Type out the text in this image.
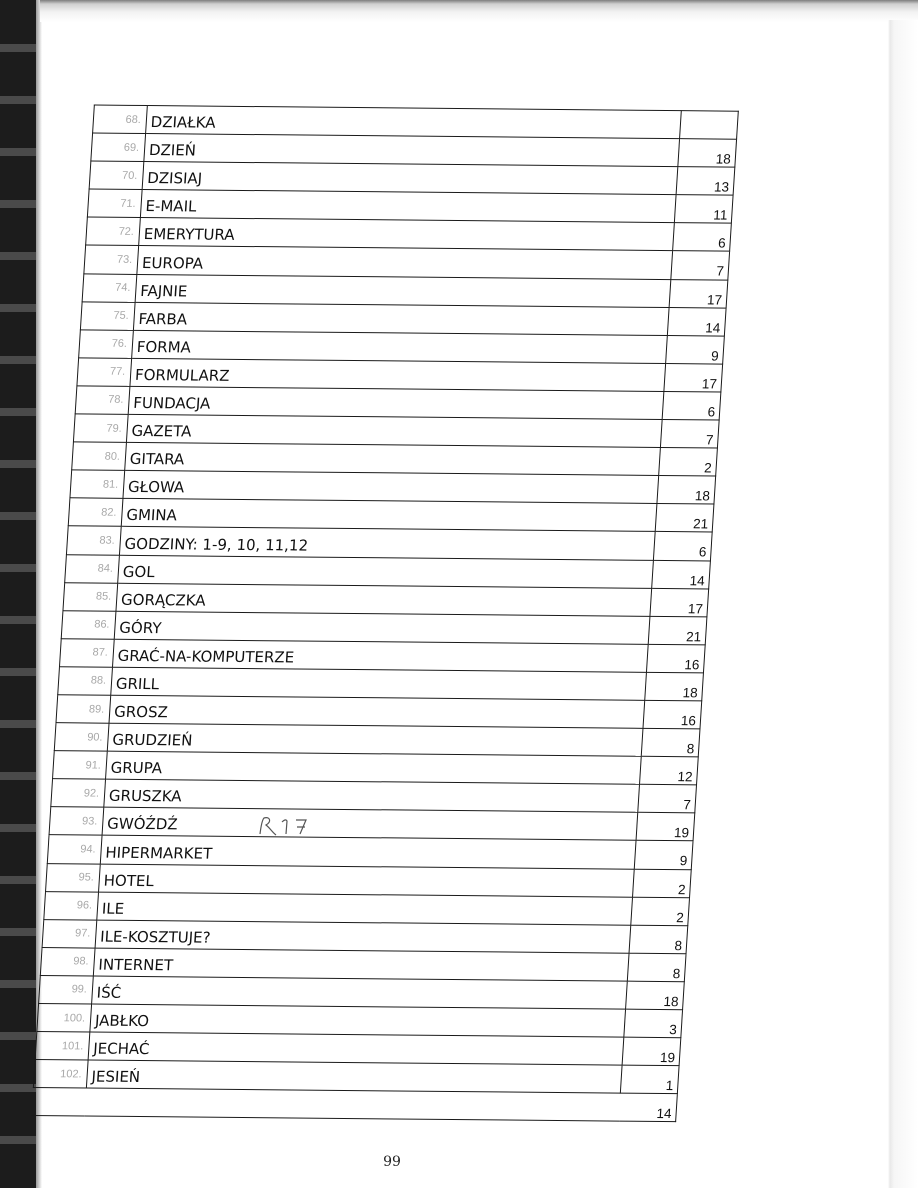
68.	DZIAŁKA	
69.	DZIEŃ	18
70.	DZISIAJ	13
71.	E-MAIL	11
72.	EMERYTURA	6
73.	EUROPA	7
74.	FAJNIE	17
75.	FARBA	14
76.	FORMA	9
77.	FORMULARZ	17
78.	FUNDACJA	6
79.	GAZETA	7
80.	GITARA	2
81.	GŁOWA	18
82.	GMINA	21
83.	GODZINY: 1-9, 10, 11,12	6
84.	GOL	14
85.	GORĄCZKA	17
86.	GÓRY	21
87.	GRAĆ-NA-KOMPUTERZE	16
88.	GRILL	18
89.	GROSZ	16
90.	GRUDZIEŃ	8
91.	GRUPA	12
92.	GRUSZKA	7
93.	GWÓŹDŹ	19
94.	HIPERMARKET	9
95.	HOTEL	2
96.	ILE	2
97.	ILE-KOSZTUJE?	8
98.	INTERNET	8
99.	IŚĆ	18
100.	JABŁKO	3
101.	JECHAĆ	19
102.	JESIEŃ	1
		14
99
